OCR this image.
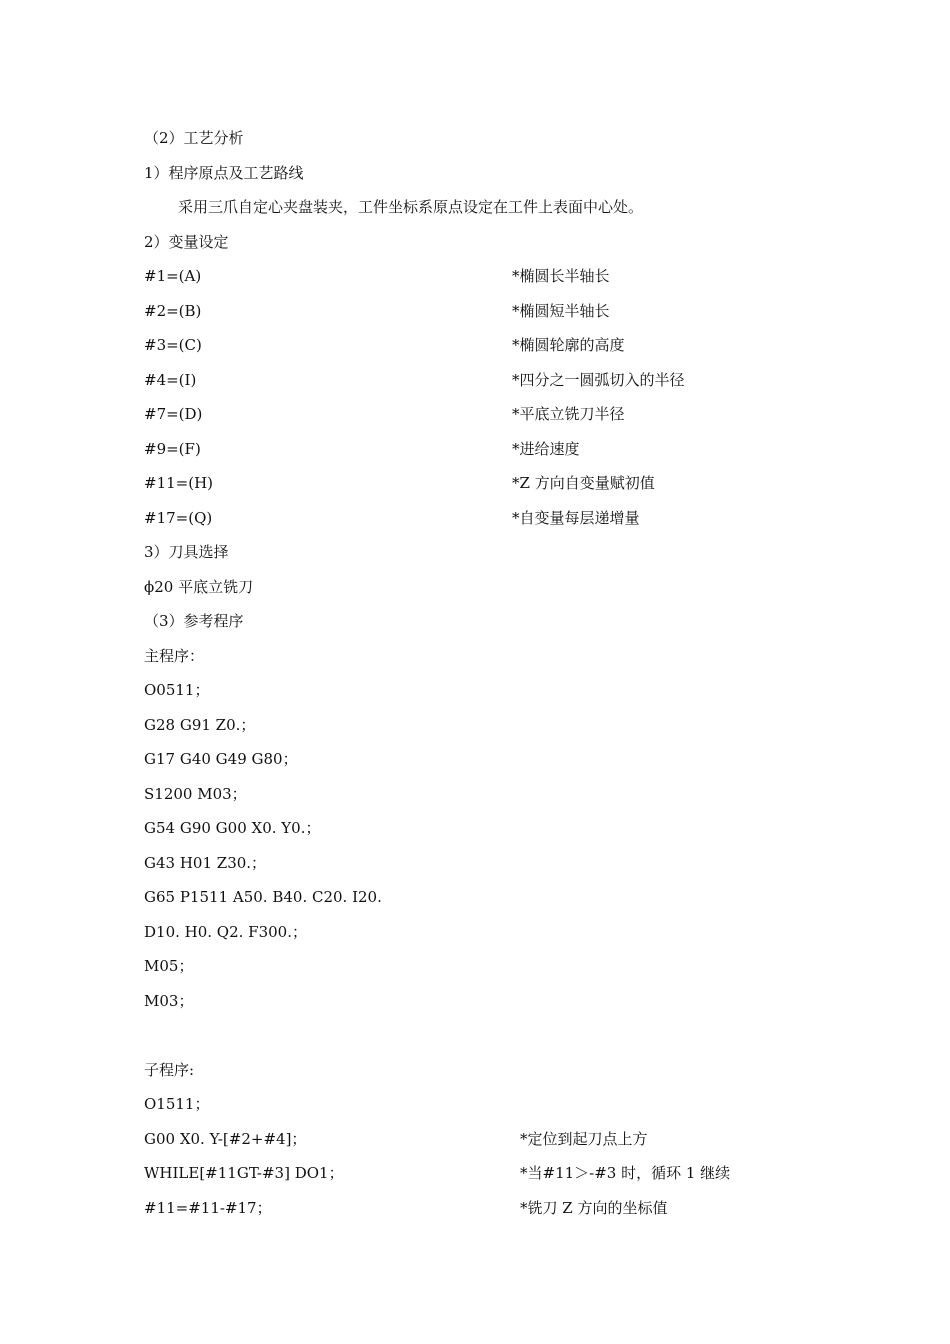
（2）工艺分析
1）程序原点及工艺路线
采用三爪自定心夹盘装夹，工件坐标系原点设定在工件上表面中心处。
2）变量设定
#1=(A)	*椭圆长半轴长
#2=(B)	*椭圆短半轴长
#3=(C)	*椭圆轮廓的高度
#4=(I)	*四分之一圆弧切入的半径
#7=(D)	*平底立铣刀半径
#9=(F)	*进给速度
#11=(H)	*Z 方向自变量赋初值
#17=(Q)	*自变量每层递增量
3）刀具选择
ϕ20 平底立铣刀
（3）参考程序
主程序：
O0511；
G28 G91 Z0.；
G17 G40 G49 G80；
S1200 M03；
G54 G90 G00 X0. Y0.；
G43 H01 Z30.；
G65 P1511 A50. B40. C20. I20.
D10. H0. Q2. F300.；
M05；
M03；
子程序:
O1511；
G00 X0. Y-[#2+#4]；	*定位到起刀点上方
WHILE[#11GT-#3] DO1；	*当#11＞-#3 时，循环 1 继续
#11=#11-#17；	*铣刀 Z 方向的坐标值
